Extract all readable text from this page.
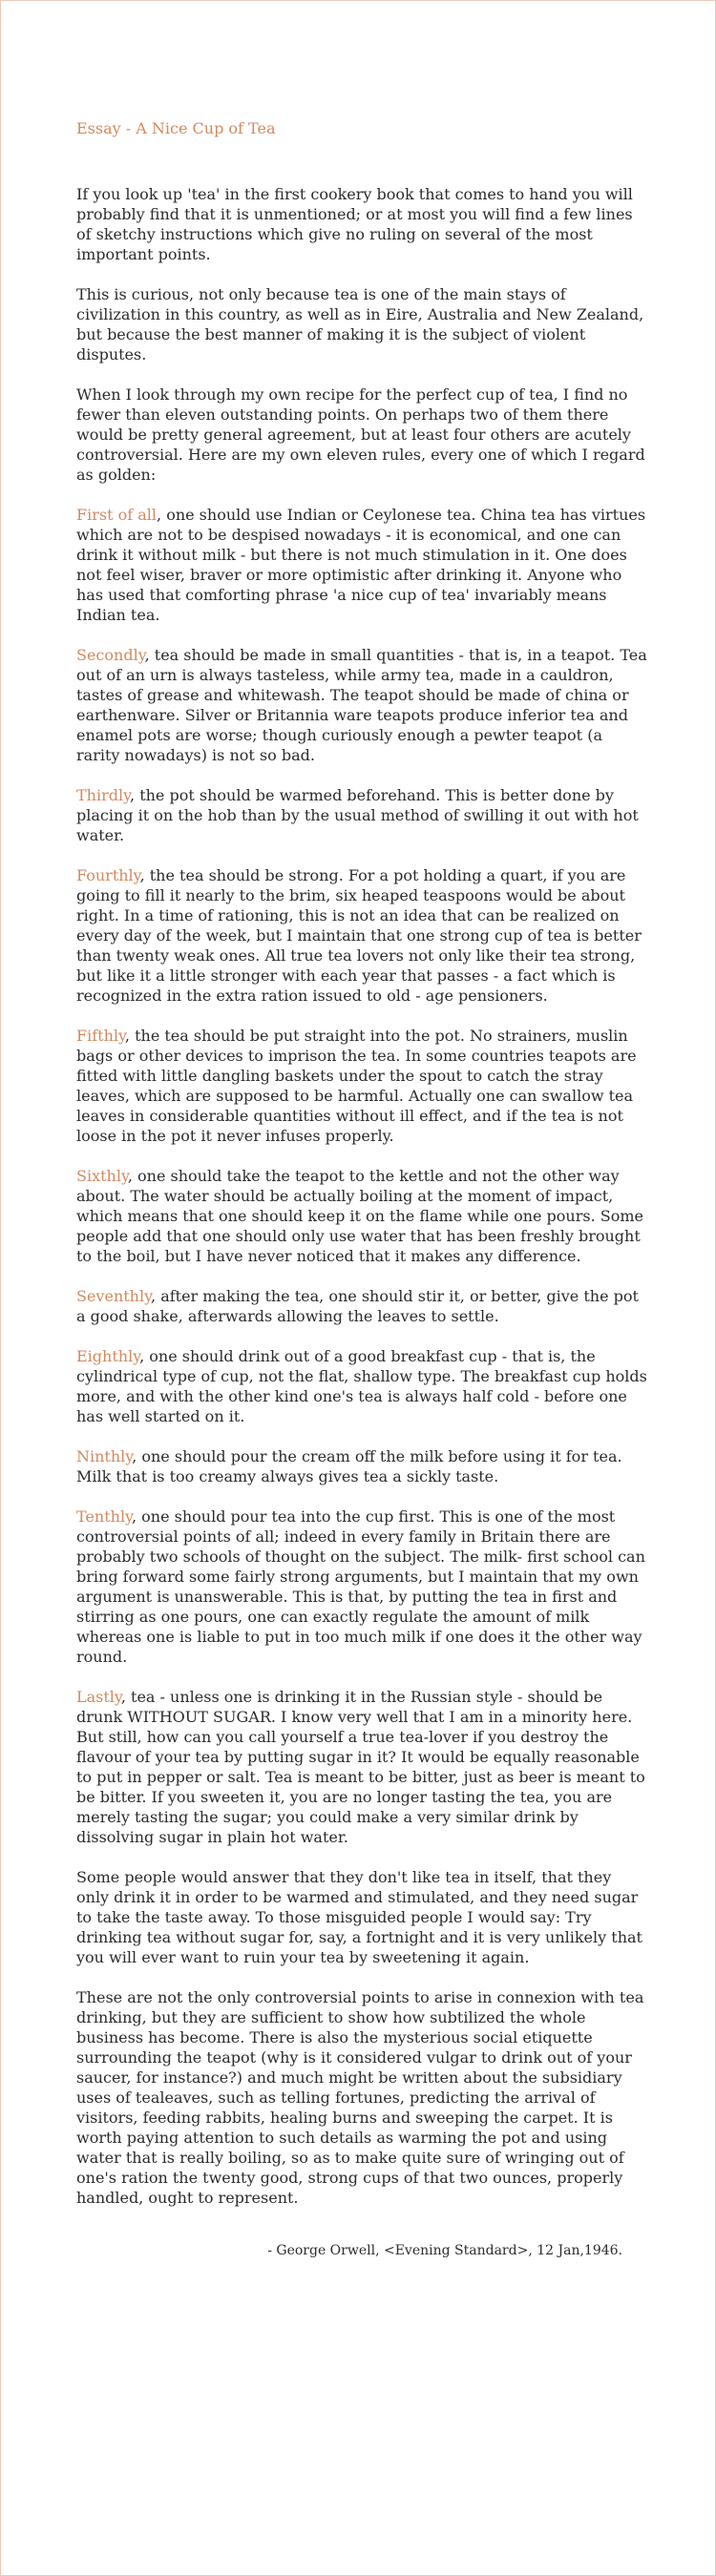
Essay - A Nice Cup of Tea

If you look up 'tea' in the first cookery book that comes to hand you will probably find that it is unmentioned; or at most you will find a few lines of sketchy instructions which give no ruling on several of the most important points.

This is curious, not only because tea is one of the main stays of civilization in this country, as well as in Eire, Australia and New Zealand, but because the best manner of making it is the subject of violent disputes.

When I look through my own recipe for the perfect cup of tea, I find no fewer than eleven outstanding points. On perhaps two of them there would be pretty general agreement, but at least four others are acutely controversial. Here are my own eleven rules, every one of which I regard as golden:

First of all, one should use Indian or Ceylonese tea. China tea has virtues which are not to be despised nowadays - it is economical, and one can drink it without milk - but there is not much stimulation in it. One does not feel wiser, braver or more optimistic after drinking it. Anyone who has used that comforting phrase 'a nice cup of tea' invariably means Indian tea.

Secondly, tea should be made in small quantities - that is, in a teapot. Tea out of an urn is always tasteless, while army tea, made in a cauldron, tastes of grease and whitewash. The teapot should be made of china or earthenware. Silver or Britannia ware teapots produce inferior tea and enamel pots are worse; though curiously enough a pewter teapot (a rarity nowadays) is not so bad.

Thirdly, the pot should be warmed beforehand. This is better done by placing it on the hob than by the usual method of swilling it out with hot water.

Fourthly, the tea should be strong. For a pot holding a quart, if you are going to fill it nearly to the brim, six heaped teaspoons would be about right. In a time of rationing, this is not an idea that can be realized on every day of the week, but I maintain that one strong cup of tea is better than twenty weak ones. All true tea lovers not only like their tea strong, but like it a little stronger with each year that passes - a fact which is recognized in the extra ration issued to old - age pensioners.

Fifthly, the tea should be put straight into the pot. No strainers, muslin bags or other devices to imprison the tea. In some countries teapots are fitted with little dangling baskets under the spout to catch the stray leaves, which are supposed to be harmful. Actually one can swallow tea leaves in considerable quantities without ill effect, and if the tea is not loose in the pot it never infuses properly.

Sixthly, one should take the teapot to the kettle and not the other way about. The water should be actually boiling at the moment of impact, which means that one should keep it on the flame while one pours. Some people add that one should only use water that has been freshly brought to the boil, but I have never noticed that it makes any difference.

Seventhly, after making the tea, one should stir it, or better, give the pot a good shake, afterwards allowing the leaves to settle.

Eighthly, one should drink out of a good breakfast cup - that is, the cylindrical type of cup, not the flat, shallow type. The breakfast cup holds more, and with the other kind one's tea is always half cold - before one has well started on it.

Ninthly, one should pour the cream off the milk before using it for tea. Milk that is too creamy always gives tea a sickly taste.

Tenthly, one should pour tea into the cup first. This is one of the most controversial points of all; indeed in every family in Britain there are probably two schools of thought on the subject. The milk- first school can bring forward some fairly strong arguments, but I maintain that my own argument is unanswerable. This is that, by putting the tea in first and stirring as one pours, one can exactly regulate the amount of milk whereas one is liable to put in too much milk if one does it the other way round.

Lastly, tea - unless one is drinking it in the Russian style - should be drunk WITHOUT SUGAR. I know very well that I am in a minority here. But still, how can you call yourself a true tea-lover if you destroy the flavour of your tea by putting sugar in it? It would be equally reasonable to put in pepper or salt. Tea is meant to be bitter, just as beer is meant to be bitter. If you sweeten it, you are no longer tasting the tea, you are merely tasting the sugar; you could make a very similar drink by dissolving sugar in plain hot water.

Some people would answer that they don't like tea in itself, that they only drink it in order to be warmed and stimulated, and they need sugar to take the taste away. To those misguided people I would say: Try drinking tea without sugar for, say, a fortnight and it is very unlikely that you will ever want to ruin your tea by sweetening it again.

These are not the only controversial points to arise in connexion with tea drinking, but they are sufficient to show how subtilized the whole business has become. There is also the mysterious social etiquette surrounding the teapot (why is it considered vulgar to drink out of your saucer, for instance?) and much might be written about the subsidiary uses of tealeaves, such as telling fortunes, predicting the arrival of visitors, feeding rabbits, healing burns and sweeping the carpet. It is worth paying attention to such details as warming the pot and using water that is really boiling, so as to make quite sure of wringing out of one's ration the twenty good, strong cups of that two ounces, properly handled, ought to represent.

- George Orwell, <Evening Standard>, 12 Jan,1946.
